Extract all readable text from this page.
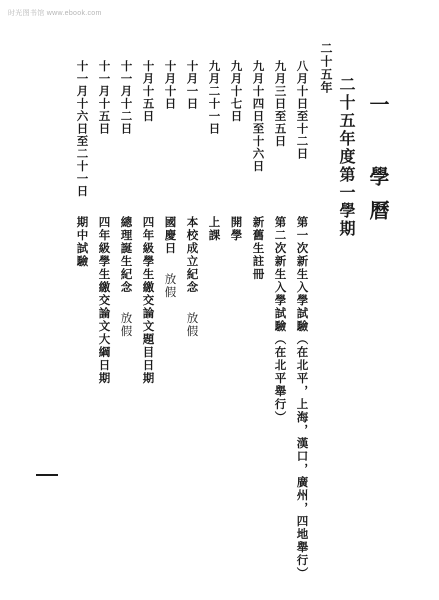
时光图书馆 www.ebook.com
一 學曆
二十五年度第一學期
二十五年
八月十日至十二日
第一次新生入學試驗（在北平，上海，漢口，廣州，四地舉行）
九月三日至五日
第二次新生入學試驗（在北平舉行）
九月十四日至十六日
新舊生註冊
九月十七日
開學
九月二十一日
上課
十月一日
本校成立紀念放假
十月十日
國慶日放假
十月十五日
四年級學生繳交論文題目日期
十一月十二日
總理誕生紀念放假
十一月十五日
四年級學生繳交論文大綱日期
十一月十六日至二十一日
期中試驗
